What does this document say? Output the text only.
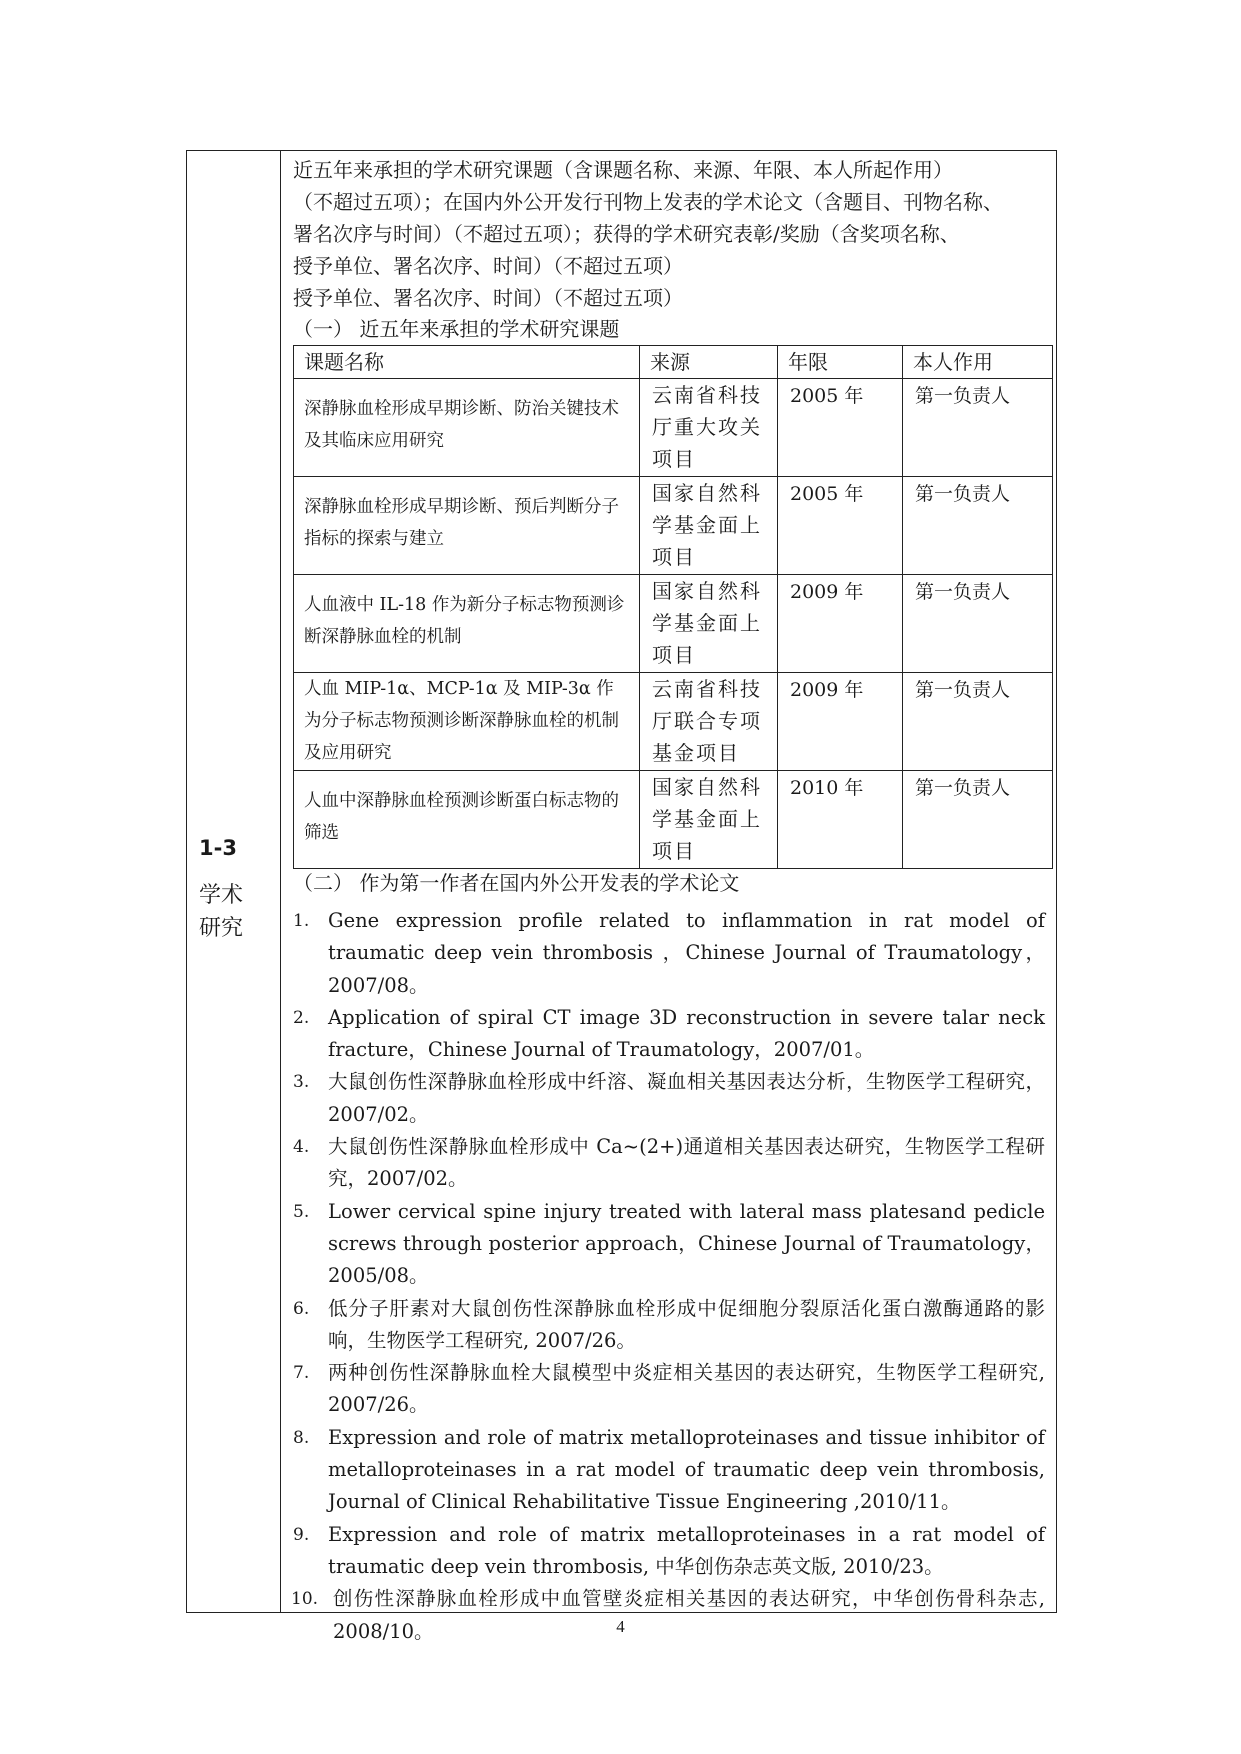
1-3
学术
研究
近五年来承担的学术研究课题（含课题名称、来源、年限、本人所起作用）
（不超过五项）；在国内外公开发行刊物上发表的学术论文（含题目、刊物名称、
署名次序与时间）（不超过五项）；获得的学术研究表彰/奖励（含奖项名称、
授予单位、署名次序、时间）（不超过五项）
授予单位、署名次序、时间）（不超过五项）
（一） 近五年来承担的学术研究课题
课题名称	来源	年限	本人作用
深静脉血栓形成早期诊断、防治关键技术及其临床应用研究	云南省科技厅重大攻关项目	2005 年	第一负责人
深静脉血栓形成早期诊断、预后判断分子指标的探索与建立	国家自然科学基金面上项目	2005 年	第一负责人
人血液中 IL-18 作为新分子标志物预测诊断深静脉血栓的机制	国家自然科学基金面上项目	2009 年	第一负责人
人血 MIP-1α、MCP-1α 及 MIP-3α 作为分子标志物预测诊断深静脉血栓的机制及应用研究	云南省科技厅联合专项基金项目	2009 年	第一负责人
人血中深静脉血栓预测诊断蛋白标志物的筛选	国家自然科学基金面上项目	2010 年	第一负责人
（二） 作为第一作者在国内外公开发表的学术论文
1. Gene expression profile related to inflammation in rat model of traumatic deep vein thrombosis ，Chinese Journal of Traumatology，2007/08。
2. Application of spiral CT image 3D reconstruction in severe talar neck fracture，Chinese Journal of Traumatology，2007/01。
3. 大鼠创伤性深静脉血栓形成中纤溶、凝血相关基因表达分析，生物医学工程研究，2007/02。
4. 大鼠创伤性深静脉血栓形成中 Ca~(2+)通道相关基因表达研究，生物医学工程研究，2007/02。
5. Lower cervical spine injury treated with lateral mass platesand pedicle screws through posterior approach，Chinese Journal of Traumatology，2005/08。
6. 低分子肝素对大鼠创伤性深静脉血栓形成中促细胞分裂原活化蛋白激酶通路的影响，生物医学工程研究, 2007/26。
7. 两种创伤性深静脉血栓大鼠模型中炎症相关基因的表达研究，生物医学工程研究, 2007/26。
8. Expression and role of matrix metalloproteinases and tissue inhibitor of metalloproteinases in a rat model of traumatic deep vein thrombosis, Journal of Clinical Rehabilitative Tissue Engineering ,2010/11。
9. Expression and role of matrix metalloproteinases in a rat model of traumatic deep vein thrombosis, 中华创伤杂志英文版, 2010/23。
10. 创伤性深静脉血栓形成中血管壁炎症相关基因的表达研究，中华创伤骨科杂志, 2008/10。	4
